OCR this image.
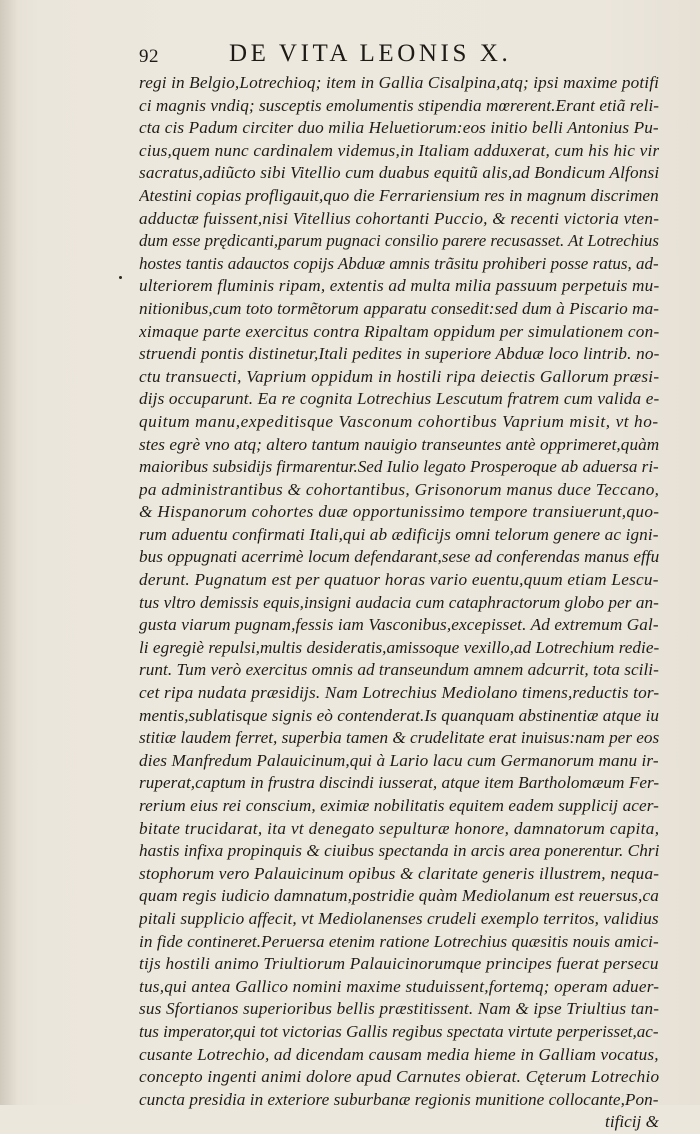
92	DE VITA LEONIS X.
regi in Belgio,Lotrechioq; item in Gallia Cisalpina,atq; ipsi maxime potifi
ci magnis vndiq; susceptis emolumentis stipendia mœrerent.Erant etiã reli-
cta cis Padum circiter duo milia Heluetiorum:eos initio belli Antonius Pu-
cius,quem nunc cardinalem videmus,in Italiam adduxerat, cum his hic vir
sacratus,adiũcto sibi Vitellio cum duabus equitũ alis,ad Bondicum Alfonsi
Atestini copias profligauit,quo die Ferrariensium res in magnum discrimen
adductæ fuissent,nisi Vitellius cohortanti Puccio, & recenti victoria vten-
dum esse prędicanti,parum pugnaci consilio parere recusasset. At Lotrechius
hostes tantis adauctos copijs Abduæ amnis trãsitu prohiberi posse ratus, ad-
ulteriorem fluminis ripam, extentis ad multa milia passuum perpetuis mu-
nitionibus,cum toto tormẽtorum apparatu consedit:sed dum à Piscario ma-
ximaque parte exercitus contra Ripaltam oppidum per simulationem con-
struendi pontis distinetur,Itali pedites in superiore Abduæ loco lintrib. no-
ctu transuecti, Vaprium oppidum in hostili ripa deiectis Gallorum præsi-
dijs occuparunt. Ea re cognita Lotrechius Lescutum fratrem cum valida e-
quitum manu,expeditisque Vasconum cohortibus Vaprium misit, vt ho-
stes egrè vno atq; altero tantum nauigio transeuntes antè opprimeret,quàm
maioribus subsidijs firmarentur.Sed Iulio legato Prosperoque ab aduersa ri-
pa administrantibus & cohortantibus, Grisonorum manus duce Teccano,
& Hispanorum cohortes duæ opportunissimo tempore transiuerunt,quo-
rum aduentu confirmati Itali,qui ab ædificijs omni telorum genere ac igni-
bus oppugnati acerrimè locum defendarant,sese ad conferendas manus effu
derunt. Pugnatum est per quatuor horas vario euentu,quum etiam Lescu-
tus vltro demissis equis,insigni audacia cum cataphractorum globo per an-
gusta viarum pugnam,fessis iam Vasconibus,excepisset. Ad extremum Gal-
li egregiè repulsi,multis desideratis,amissoque vexillo,ad Lotrechium redie-
runt. Tum verò exercitus omnis ad transeundum amnem adcurrit, tota scili-
cet ripa nudata præsidijs. Nam Lotrechius Mediolano timens,reductis tor-
mentis,sublatisque signis eò contenderat.Is quanquam abstinentiæ atque iu
stitiæ laudem ferret, superbia tamen & crudelitate erat inuisus:nam per eos
dies Manfredum Palauicinum,qui à Lario lacu cum Germanorum manu ir-
ruperat,captum in frustra discindi iusserat, atque item Bartholomæum Fer-
rerium eius rei conscium, eximiæ nobilitatis equitem eadem supplicij acer-
bitate trucidarat, ita vt denegato sepulturæ honore, damnatorum capita,
hastis infixa propinquis & ciuibus spectanda in arcis area ponerentur. Chri
stophorum vero Palauicinum opibus & claritate generis illustrem, nequa-
quam regis iudicio damnatum,postridie quàm Mediolanum est reuersus,ca
pitali supplicio affecit, vt Mediolanenses crudeli exemplo territos, validius
in fide contineret.Peruersa etenim ratione Lotrechius quæsitis nouis amici-
tijs hostili animo Triultiorum Palauicinorumque principes fuerat persecu
tus,qui antea Gallico nomini maxime studuissent,fortemq; operam aduer-
sus Sfortianos superioribus bellis præstitissent. Nam & ipse Triultius tan-
tus imperator,qui tot victorias Gallis regibus spectata virtute perperisset,ac-
cusante Lotrechio, ad dicendam causam media hieme in Galliam vocatus,
concepto ingenti animi dolore apud Carnutes obierat. Cęterum Lotrechio
cuncta presidia in exteriore suburbanæ regionis munitione collocante,Pon-
tificij &
